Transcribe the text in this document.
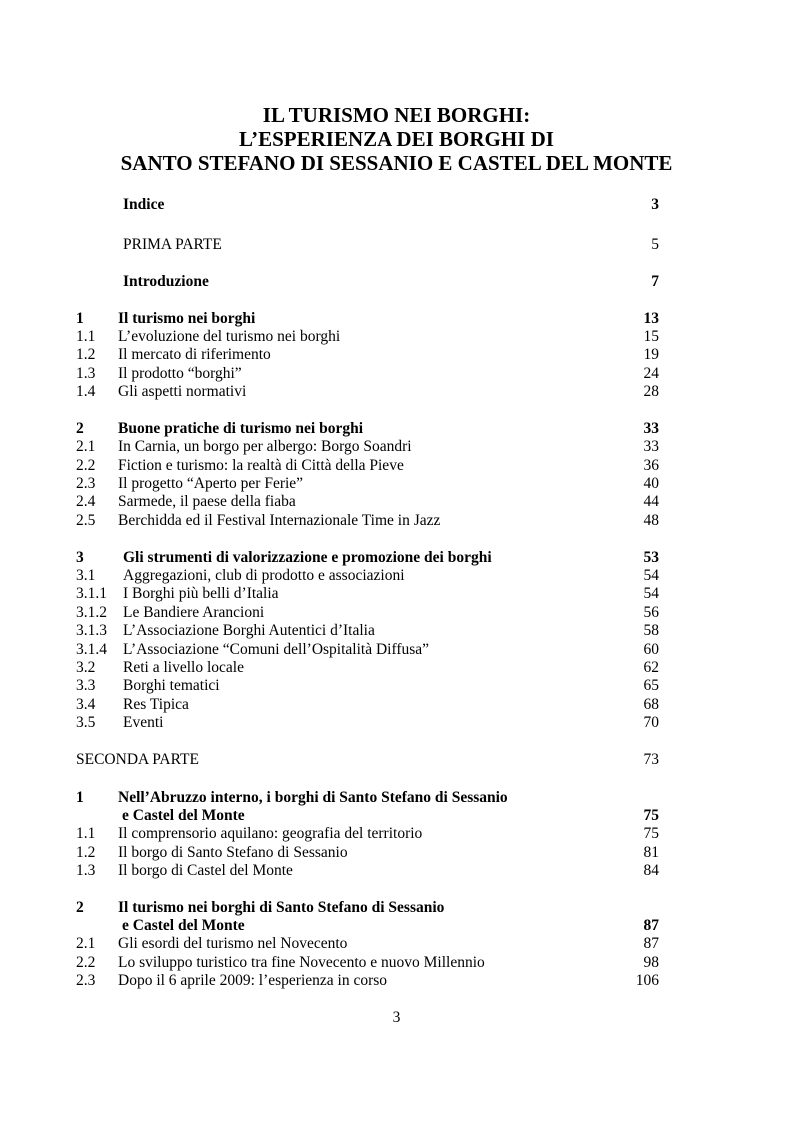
IL TURISMO NEI BORGHI:
L’ESPERIENZA DEI BORGHI DI
SANTO STEFANO DI SESSANIO E CASTEL DEL MONTE
Indice	3
PRIMA PARTE	5
Introduzione	7
1 Il turismo nei borghi	13
1.1 L’evoluzione del turismo nei borghi	15
1.2 Il mercato di riferimento	19
1.3 Il prodotto “borghi”	24
1.4 Gli aspetti normativi	28
2 Buone pratiche di turismo nei borghi	33
2.1 In Carnia, un borgo per albergo: Borgo Soandri	33
2.2 Fiction e turismo: la realtà di Città della Pieve	36
2.3 Il progetto “Aperto per Ferie”	40
2.4 Sarmede, il paese della fiaba	44
2.5 Berchidda ed il Festival Internazionale Time in Jazz	48
3	Gli strumenti di valorizzazione e promozione dei borghi	53
3.1 Aggregazioni, club di prodotto e associazioni	54
3.1.1 I Borghi più belli d’Italia	54
3.1.2 Le Bandiere Arancioni	56
3.1.3 L’Associazione Borghi Autentici d’Italia	58
3.1.4 L’Associazione “Comuni dell’Ospitalità Diffusa”	60
3.2 Reti a livello locale	62
3.3 Borghi tematici	65
3.4 Res Tipica	68
3.5 Eventi	70
SECONDA PARTE	73
1 Nell’Abruzzo interno, i borghi di Santo Stefano di Sessanio
e Castel del Monte	75
1.1 Il comprensorio aquilano: geografia del territorio	75
1.2 Il borgo di Santo Stefano di Sessanio	81
1.3 Il borgo di Castel del Monte	84
2 Il turismo nei borghi di Santo Stefano di Sessanio
e Castel del Monte	87
2.1 Gli esordi del turismo nel Novecento	87
2.2 Lo sviluppo turistico tra fine Novecento e nuovo Millennio	98
2.3 Dopo il 6 aprile 2009: l’esperienza in corso	106
3
